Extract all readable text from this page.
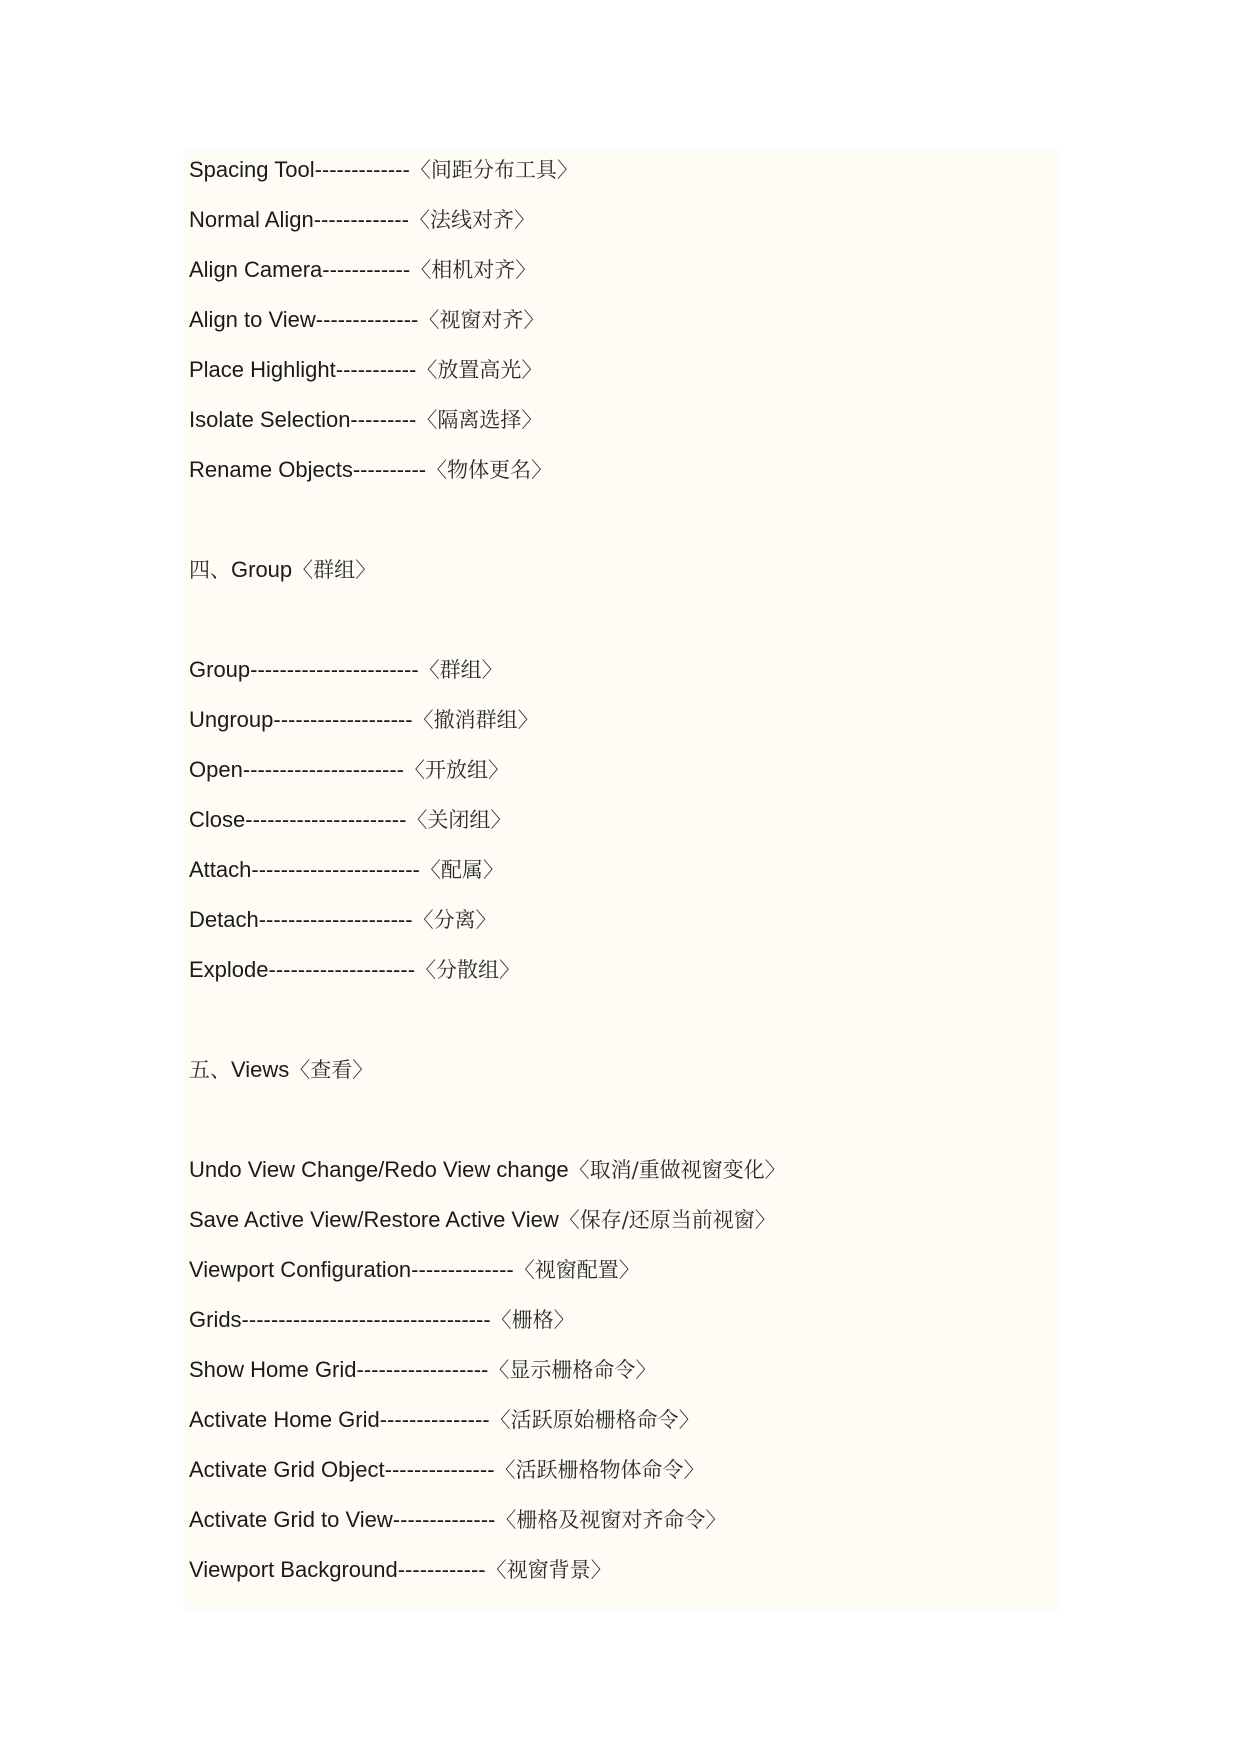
Spacing Tool-------------〈间距分布工具〉
Normal Align-------------〈法线对齐〉
Align Camera------------〈相机对齐〉
Align to View--------------〈视窗对齐〉
Place Highlight-----------〈放置高光〉
Isolate Selection---------〈隔离选择〉
Rename Objects----------〈物体更名〉
四、Group〈群组〉
Group-----------------------〈群组〉
Ungroup-------------------〈撤消群组〉
Open----------------------〈开放组〉
Close----------------------〈关闭组〉
Attach-----------------------〈配属〉
Detach---------------------〈分离〉
Explode--------------------〈分散组〉
五、Views〈查看〉
Undo View Change/Redo View change〈取消/重做视窗变化〉
Save Active View/Restore Active View〈保存/还原当前视窗〉
Viewport Configuration--------------〈视窗配置〉
Grids----------------------------------〈栅格〉
Show Home Grid------------------〈显示栅格命令〉
Activate Home Grid---------------〈活跃原始栅格命令〉
Activate Grid Object---------------〈活跃栅格物体命令〉
Activate Grid to View--------------〈栅格及视窗对齐命令〉
Viewport Background------------〈视窗背景〉
